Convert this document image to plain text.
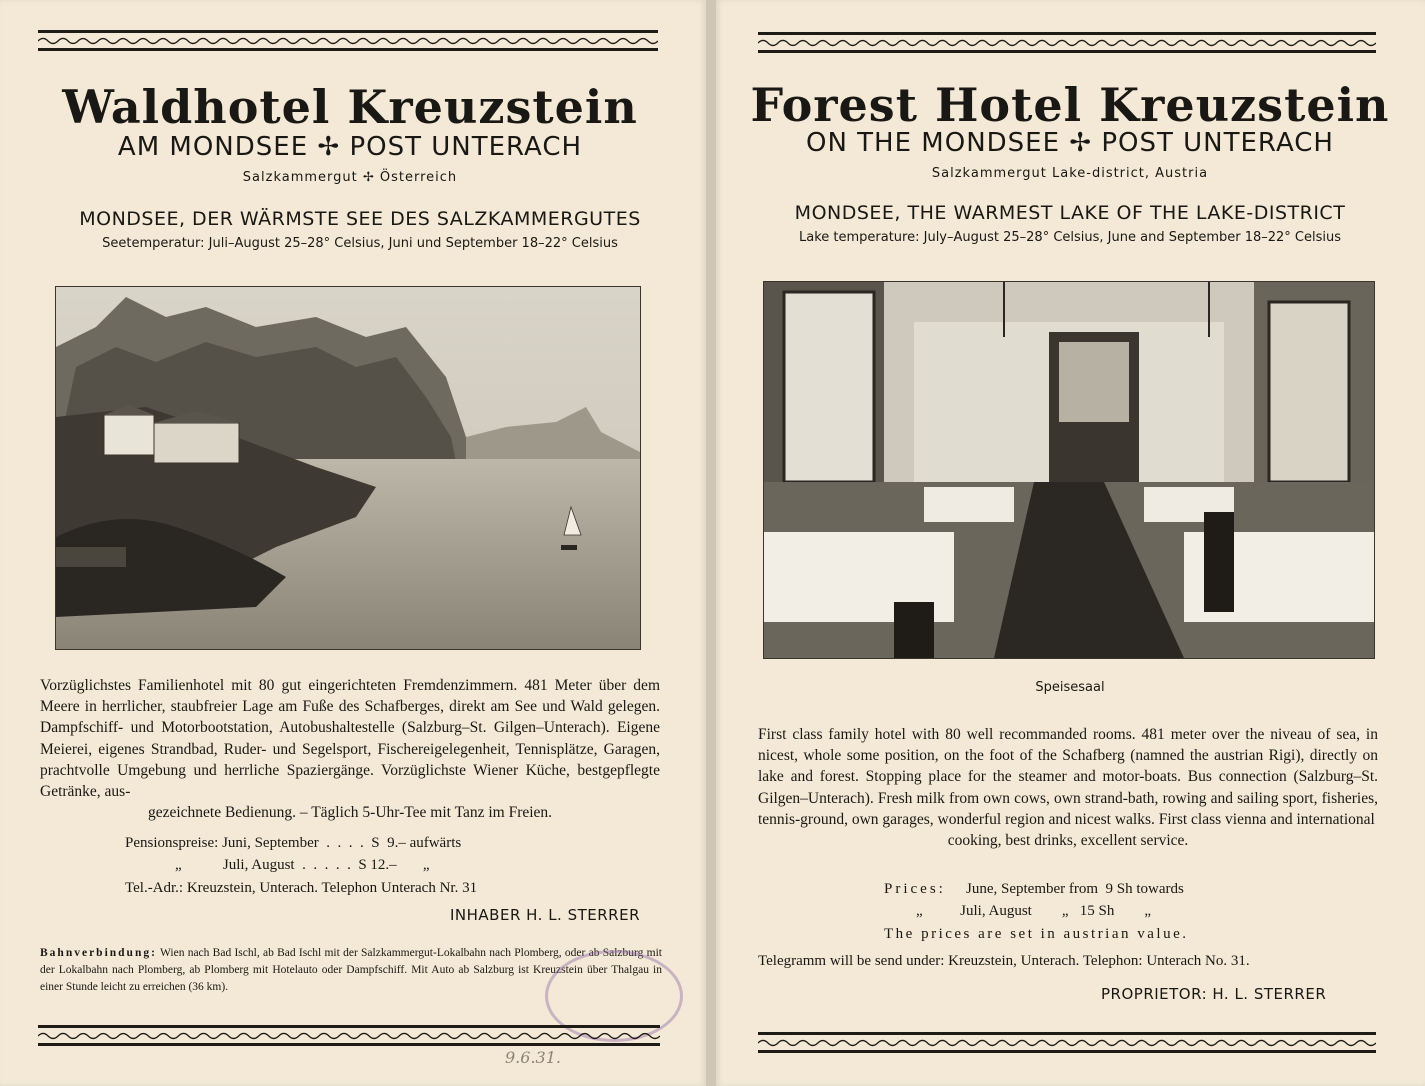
Waldhotel Kreuzstein
AM MONDSEE ✢ POST UNTERACH
Salzkammergut ✢ Österreich
MONDSEE, DER WÄRMSTE SEE DES SALZKAMMERGUTES
Seetemperatur: Juli–August 25–28° Celsius, Juni und September 18–22° Celsius
Vorzüglichstes Familienhotel mit 80 gut eingerichteten Fremdenzimmern. 481 Meter über dem Meere in herrlicher, staubfreier Lage am Fuße des Schafberges, direkt am See und Wald gelegen. Dampfschiff- und Motorbootstation, Autobushaltestelle (Salzburg–St. Gilgen–Unterach). Eigene Meierei, eigenes Strandbad, Ruder- und Segelsport, Fischereigelegenheit, Tennisplätze, Garagen, prachtvolle Umgebung und herrliche Spaziergänge. Vorzüglichste Wiener Küche, bestgepflegte Getränke, aus-
gezeichnete Bedienung. – Täglich 5-Uhr-Tee mit Tanz im Freien.
Pensionspreise: Juni, September  .  .  .  .  S  9.– aufwärts
„           Juli, August  .  .  .  .  .  S 12.–       „
Tel.-Adr.: Kreuzstein, Unterach. Telephon Unterach Nr. 31
INHABER H. L. STERRER
Bahnverbindung: Wien nach Bad Ischl, ab Bad Ischl mit der Salzkammergut-Lokalbahn nach Plomberg, oder ab Salzburg mit der Lokalbahn nach Plomberg, ab Plomberg mit Hotelauto oder Dampfschiff. Mit Auto ab Salzburg ist Kreuzstein über Thalgau in einer Stunde leicht zu erreichen (36 km).
9.6.31.
Forest Hotel Kreuzstein
ON THE MONDSEE ✢ POST UNTERACH
Salzkammergut Lake-district, Austria
MONDSEE, THE WARMEST LAKE OF THE LAKE-DISTRICT
Lake temperature: July–August 25–28° Celsius, June and September 18–22° Celsius
Speisesaal
First class family hotel with 80 well recommanded rooms. 481 meter over the niveau of sea, in nicest, whole some position, on the foot of the Schafberg (namned the austrian Rigi), directly on lake and forest. Stopping place for the steamer and motor-boats. Bus connection (Salzburg–St. Gilgen–Unterach). Fresh milk from own cows, own strand-bath, rowing and sailing sport, fisheries, tennis-ground, own garages, wonderful region and nicest walks. First class vienna and international
cooking, best drinks, excellent service.
Prices: June, September from  9 Sh towards
„          Juli, August        „   15 Sh        „
The prices are set in austrian value.
Telegramm will be send under: Kreuzstein, Unterach. Telephon: Unterach No. 31.
PROPRIETOR: H. L. STERRER
